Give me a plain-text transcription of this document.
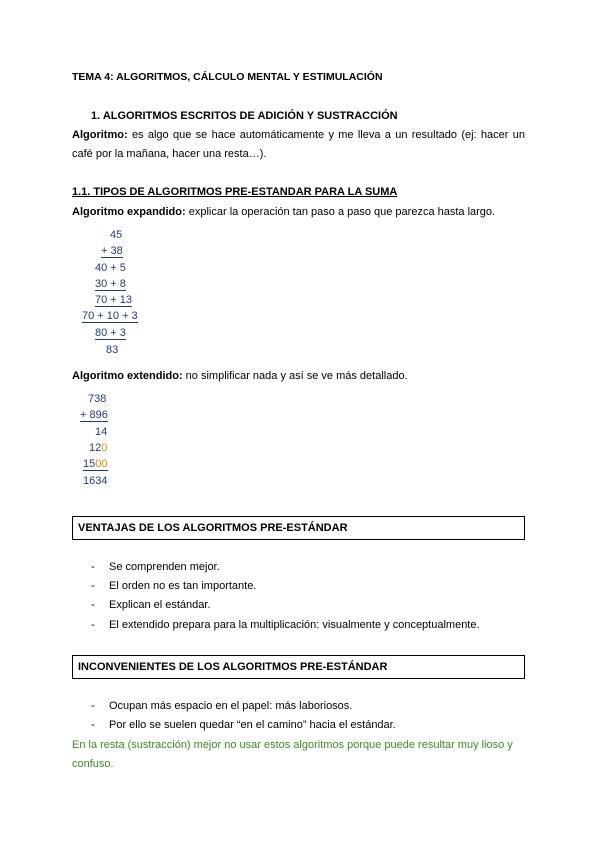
TEMA 4: ALGORITMOS, CÁLCULO MENTAL Y ESTIMULACIÓN
1. ALGORITMOS ESCRITOS DE ADICIÓN Y SUSTRACCIÓN
Algoritmo: es algo que se hace automáticamente y me lleva a un resultado (ej: hacer un
café por la mañana, hacer una resta…).
1.1. TIPOS DE ALGORITMOS PRE-ESTANDAR PARA LA SUMA
Algoritmo expandido: explicar la operación tan paso a paso que parezca hasta largo.
45
+ 38
40 + 5
30 + 8
70 + 13
70 + 10 + 3
80 + 3
83
Algoritmo extendido: no simplificar nada y así se ve más detallado.
738
+ 896
14
120
1500
1634
VENTAJAS DE LOS ALGORITMOS PRE-ESTÁNDAR
- Se comprenden mejor.
- El orden no es tan importante.
- Explican el estándar.
- El extendido prepara para la multiplicación: visualmente y conceptualmente.
INCONVENIENTES DE LOS ALGORITMOS PRE-ESTÁNDAR
- Ocupan más espacio en el papel: más laboriosos.
- Por ello se suelen quedar “en el camino” hacia el estándar.
En la resta (sustracción) mejor no usar estos algoritmos porque puede resultar muy lioso y
confuso.
